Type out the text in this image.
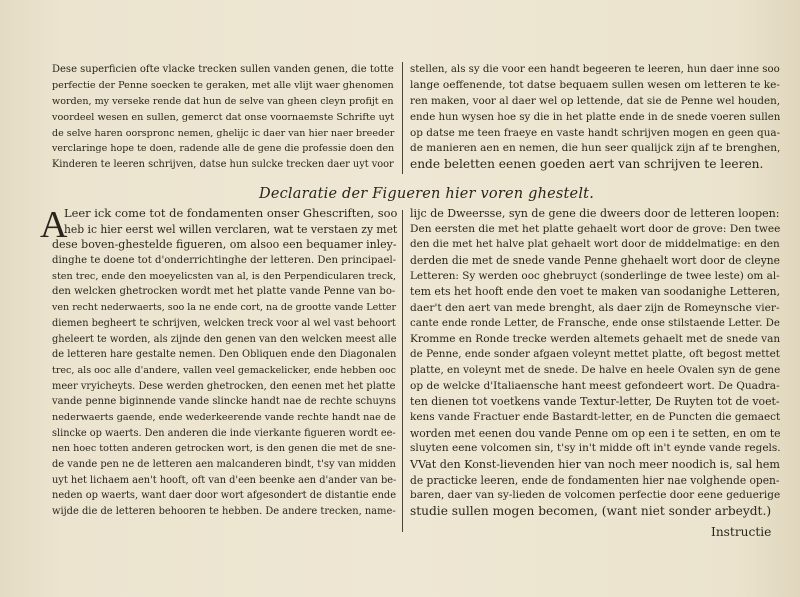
Dese superficien ofte vlacke trecken sullen vanden genen, die totte
perfectie der Penne soecken te geraken, met alle vlijt waer ghenomen
worden, my verseke rende dat hun de selve van gheen cleyn profijt en
voordeel wesen en sullen, gemerct dat onse voornaemste Schrifte uyt
de selve haren oorspronc nemen, ghelijc ic daer van hier naer breeder
verclaringe hope te doen, radende alle de gene die professie doen den
Kinderen te leeren schrijven, datse hun sulcke trecken daer uyt voor
stellen, als sy die voor een handt begeeren te leeren, hun daer inne soo
lange oeffenende, tot datse bequaem sullen wesen om letteren te ke-
ren maken, voor al daer wel op lettende, dat sie de Penne wel houden,
ende hun wysen hoe sy die in het platte ende in de snede voeren sullen
op datse me teen fraeye en vaste handt schrijven mogen en geen qua-
de manieren aen en nemen, die hun seer qualijck zijn af te brenghen,
ende beletten eenen goeden aert van schrijven te leeren.
Declaratie der Figueren hier voren ghestelt.
A
Leer ick come tot de fondamenten onser Ghescriften, soo
heb ic hier eerst wel willen verclaren, wat te verstaen zy met
dese boven-ghestelde figueren, om alsoo een bequamer inley-
dinghe te doene tot d'onderrichtinghe der letteren. Den principael-
sten trec, ende den moeyelicsten van al, is den Perpendicularen treck,
den welcken ghetrocken wordt met het platte vande Penne van bo-
ven recht nederwaerts, soo la ne ende cort, na de grootte vande Letter
diemen begheert te schrijven, welcken treck voor al wel vast behoort
gheleert te worden, als zijnde den genen van den welcken meest alle
de letteren hare gestalte nemen. Den Obliquen ende den Diagonalen
trec, als ooc alle d'andere, vallen veel gemackelicker, ende hebben ooc
meer vryicheyts. Dese werden ghetrocken, den eenen met het platte
vande penne biginnende vande slincke handt nae de rechte schuyns
nederwaerts gaende, ende wederkeerende vande rechte handt nae de
slincke op waerts. Den anderen die inde vierkante figueren wordt ee-
nen hoec totten anderen getrocken wort, is den genen die met de sne-
de vande pen ne de letteren aen malcanderen bindt, t'sy van midden
uyt het lichaem aen't hooft, oft van d'een beenke aen d'ander van be-
neden op waerts, want daer door wort afgesondert de distantie ende
wijde die de letteren behooren te hebben. De andere trecken, name-
lijc de Dweersse, syn de gene die dweers door de letteren loopen:
Den eersten die met het platte gehaelt wort door de grove: Den twee
den die met het halve plat gehaelt wort door de middelmatige: en den
derden die met de snede vande Penne ghehaelt wort door de cleyne
Letteren: Sy werden ooc ghebruyct (sonderlinge de twee leste) om al-
tem ets het hooft ende den voet te maken van soodanighe Letteren,
daer't den aert van mede brenght, als daer zijn de Romeynsche vier-
cante ende ronde Letter, de Fransche, ende onse stilstaende Letter. De
Kromme en Ronde trecke werden altemets gehaelt met de snede van
de Penne, ende sonder afgaen voleynt mettet platte, oft begost mettet
platte, en voleynt met de snede. De halve en heele Ovalen syn de gene
op de welcke d'Italiaensche hant meest gefondeert wort. De Quadra-
ten dienen tot voetkens vande Textur-letter, De Ruyten tot de voet-
kens vande Fractuer ende Bastardt-letter, en de Puncten die gemaect
worden met eenen dou vande Penne om op een i te setten, en om te
sluyten eene volcomen sin, t'sy in't midde oft in't eynde vande regels.
VVat den Konst-lievenden hier van noch meer noodich is, sal hem
de practicke leeren, ende de fondamenten hier nae volghende open-
baren, daer van sy-lieden de volcomen perfectie door eene geduerige
studie sullen mogen becomen, (want niet sonder arbeydt.)
Instructie
